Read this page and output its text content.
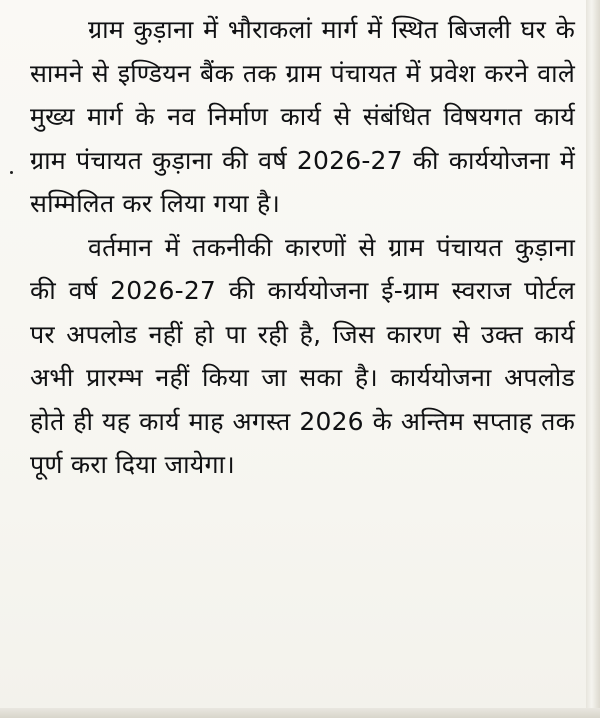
ग्राम कुड़ाना में भौराकलां मार्ग में स्थित बिजली घर के सामने से इण्डियन बैंक तक ग्राम पंचायत में प्रवेश करने वाले मुख्य मार्ग के नव निर्माण कार्य से संबंधित विषयगत कार्य ग्राम पंचायत कुड़ाना की वर्ष 2026-27 की कार्ययोजना में सम्मिलित कर लिया गया है।

वर्तमान में तकनीकी कारणों से ग्राम पंचायत कुड़ाना की वर्ष 2026-27 की कार्ययोजना ई-ग्राम स्वराज पोर्टल पर अपलोड नहीं हो पा रही है, जिस कारण से उक्त कार्य अभी प्रारम्भ नहीं किया जा सका है। कार्ययोजना अपलोड होते ही यह कार्य माह अगस्त 2026 के अन्तिम सप्ताह तक पूर्ण करा दिया जायेगा।
